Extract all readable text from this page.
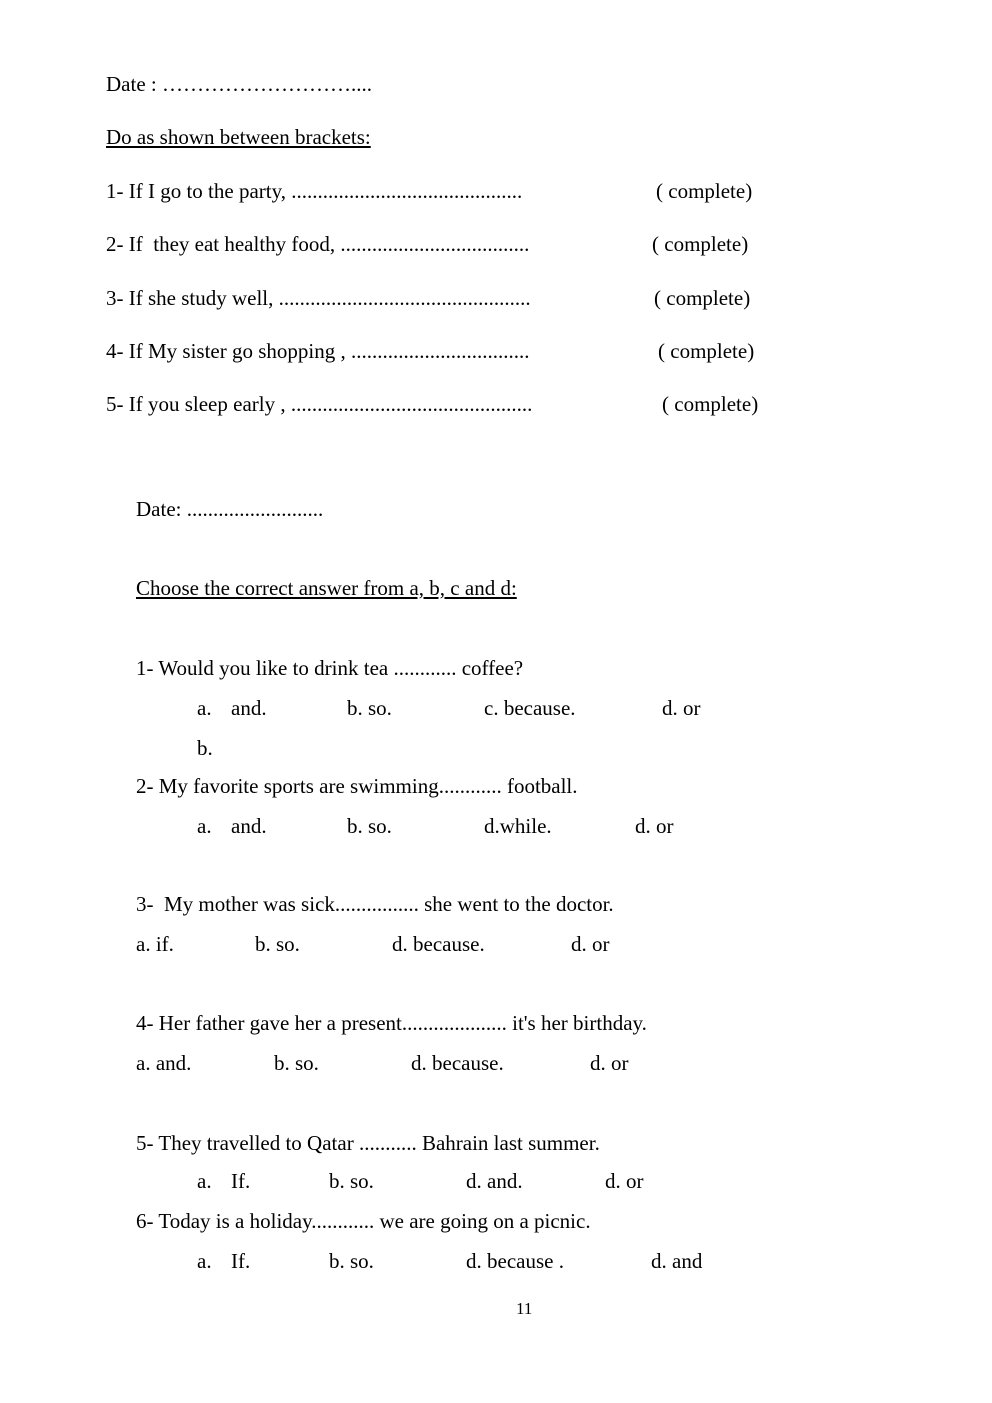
Date : ………………………....
Do as shown between brackets:
1- If I go to the party, ............................................	( complete)
2- If  they eat healthy food, ....................................	( complete)
3- If she study well, ................................................	( complete)
4- If My sister go shopping , ..................................	( complete)
5- If you sleep early , ..............................................	( complete)
Date: ..........................
Choose the correct answer from a, b, c and d:
1- Would you like to drink tea ............ coffee?
a. and.	b. so.	c. because.	d. or
b.
2- My favorite sports are swimming............ football.
a. and.	b. so.	d.while.	d. or
3-  My mother was sick................ she went to the doctor.
a. if.	b. so.	d. because.	d. or
4- Her father gave her a present.................... it's her birthday.
a. and.	b. so.	d. because.	d. or
5- They travelled to Qatar ........... Bahrain last summer.
a. If.	b. so.	d. and.	d. or
6- Today is a holiday............ we are going on a picnic.
a. If.	b. so.	d. because .	d. and
11
